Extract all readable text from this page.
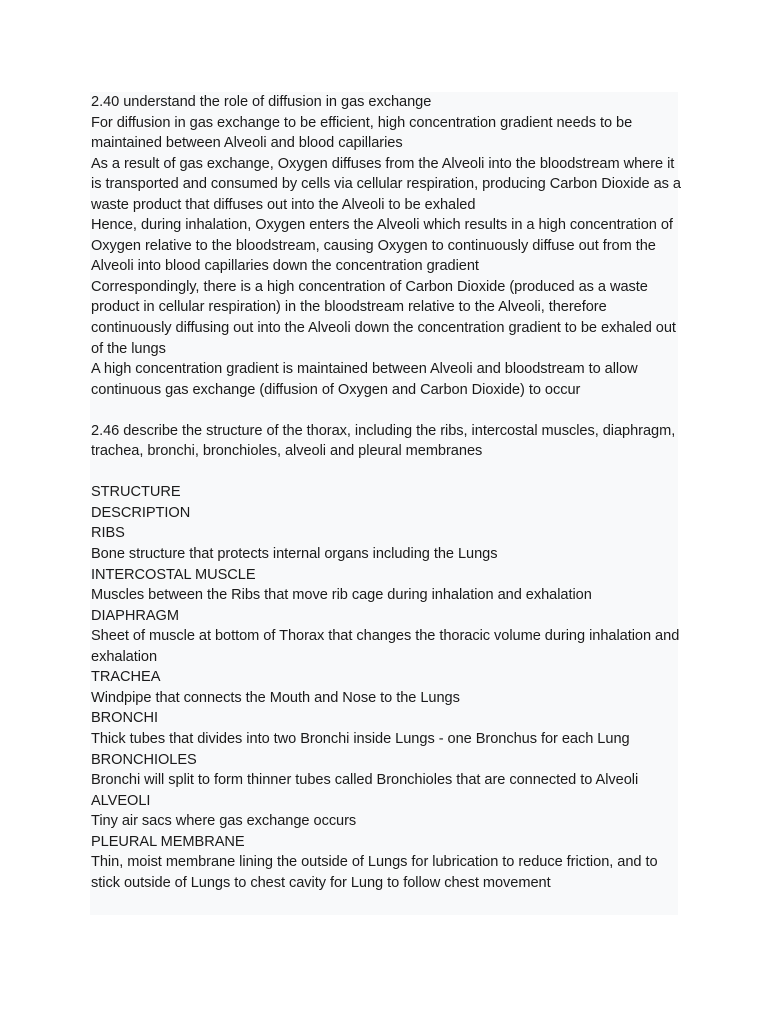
2.40 understand the role of diffusion in gas exchange
For diffusion in gas exchange to be efficient, high concentration gradient needs to be maintained between Alveoli and blood capillaries
As a result of gas exchange, Oxygen diffuses from the Alveoli into the bloodstream where it is transported and consumed by cells via cellular respiration, producing Carbon Dioxide as a waste product that diffuses out into the Alveoli to be exhaled
Hence, during inhalation, Oxygen enters the Alveoli which results in a high concentration of Oxygen relative to the bloodstream, causing Oxygen to continuously diffuse out from the Alveoli into blood capillaries down the concentration gradient
Correspondingly, there is a high concentration of Carbon Dioxide (produced as a waste product in cellular respiration) in the bloodstream relative to the Alveoli, therefore continuously diffusing out into the Alveoli down the concentration gradient to be exhaled out of the lungs
A high concentration gradient is maintained between Alveoli and bloodstream to allow continuous gas exchange (diffusion of Oxygen and Carbon Dioxide) to occur
2.46 describe the structure of the thorax, including the ribs, intercostal muscles, diaphragm, trachea, bronchi, bronchioles, alveoli and pleural membranes
STRUCTURE
DESCRIPTION
RIBS
Bone structure that protects internal organs including the Lungs
INTERCOSTAL MUSCLE
Muscles between the Ribs that move rib cage during inhalation and exhalation
DIAPHRAGM
Sheet of muscle at bottom of Thorax that changes the thoracic volume during inhalation and exhalation
TRACHEA
Windpipe that connects the Mouth and Nose to the Lungs
BRONCHI
Thick tubes that divides into two Bronchi inside Lungs - one Bronchus for each Lung
BRONCHIOLES
Bronchi will split to form thinner tubes called Bronchioles that are connected to Alveoli
ALVEOLI
Tiny air sacs where gas exchange occurs
PLEURAL MEMBRANE
Thin, moist membrane lining the outside of Lungs for lubrication to reduce friction, and to stick outside of Lungs to chest cavity for Lung to follow chest movement
